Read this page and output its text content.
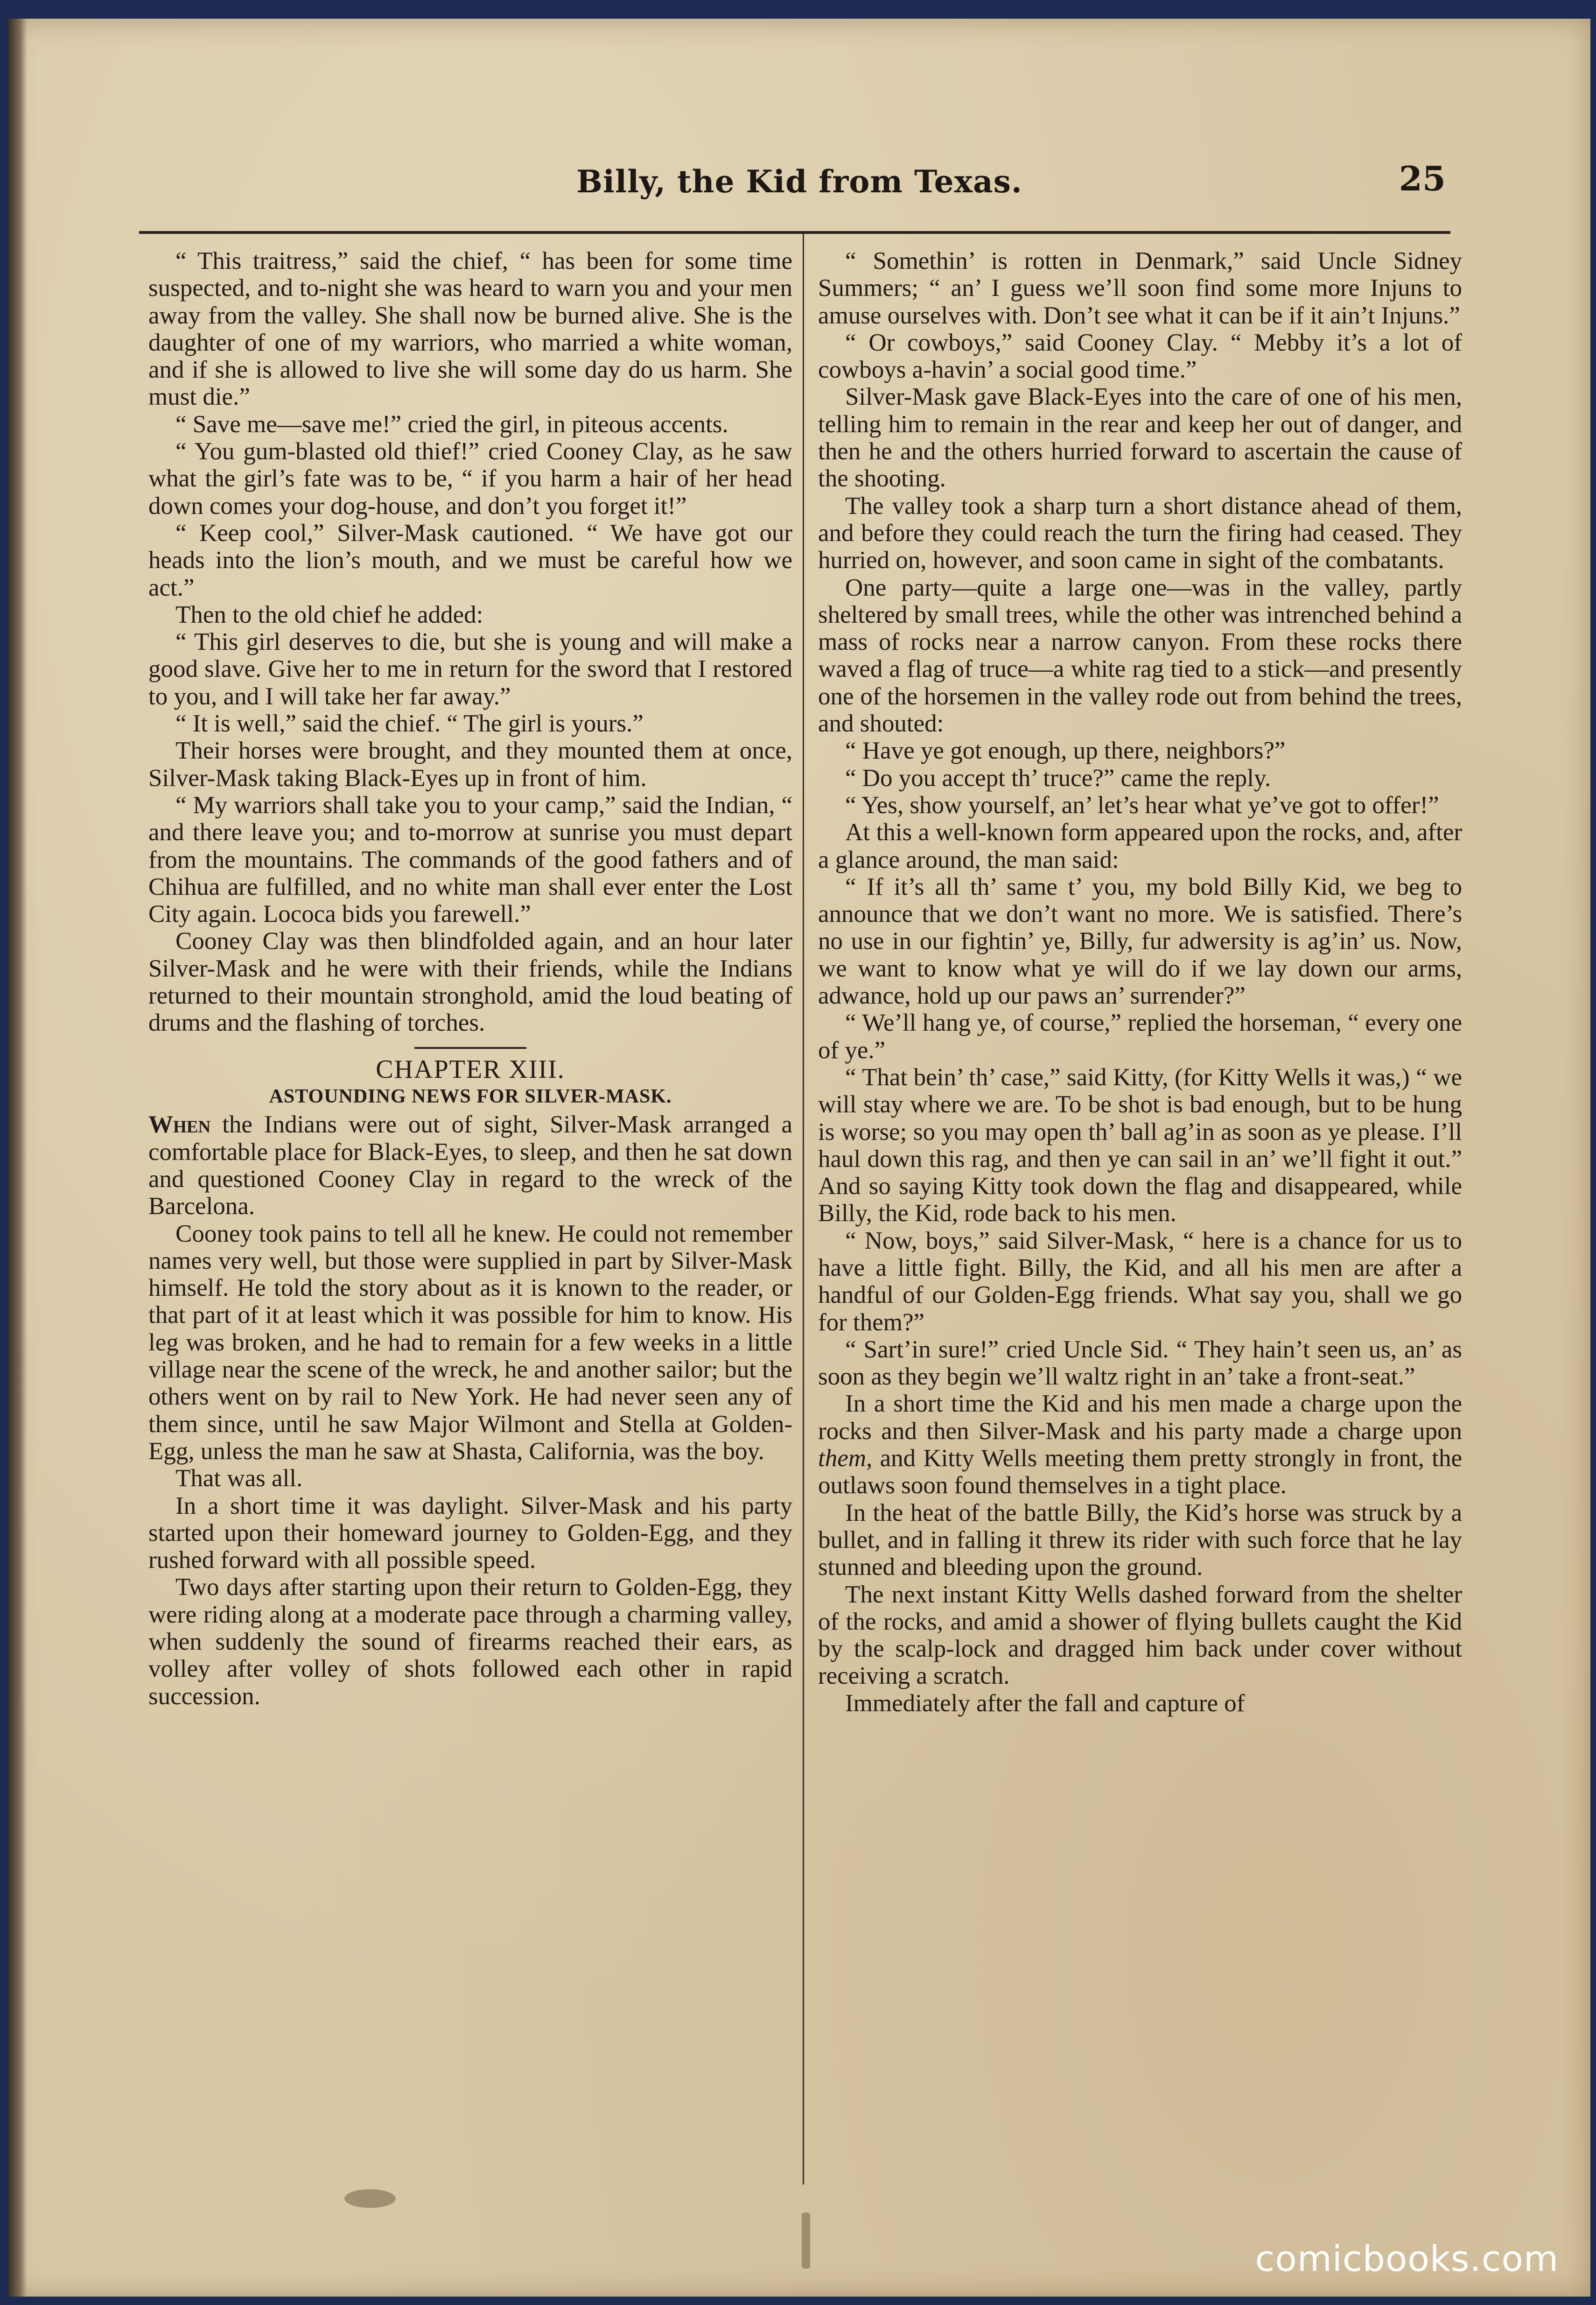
Billy, the Kid from Texas.	25

“ This traitress,” said the chief, “ has been for some time suspected, and to-night she was heard to warn you and your men away from the valley. She shall now be burned alive. She is the daughter of one of my warriors, who married a white woman, and if she is allowed to live she will some day do us harm. She must die.”

“ Save me—save me!” cried the girl, in piteous accents.

“ You gum-blasted old thief!” cried Cooney Clay, as he saw what the girl’s fate was to be, “ if you harm a hair of her head down comes your dog-house, and don’t you forget it!”

“ Keep cool,” Silver-Mask cautioned. “ We have got our heads into the lion’s mouth, and we must be careful how we act.”

Then to the old chief he added:

“ This girl deserves to die, but she is young and will make a good slave. Give her to me in return for the sword that I restored to you, and I will take her far away.”

“ It is well,” said the chief. “ The girl is yours.”

Their horses were brought, and they mounted them at once, Silver-Mask taking Black-Eyes up in front of him.

“ My warriors shall take you to your camp,” said the Indian, “ and there leave you; and to-morrow at sunrise you must depart from the mountains. The commands of the good fathers and of Chihua are fulfilled, and no white man shall ever enter the Lost City again. Lococa bids you farewell.”

Cooney Clay was then blindfolded again, and an hour later Silver-Mask and he were with their friends, while the Indians returned to their mountain stronghold, amid the loud beating of drums and the flashing of torches.

CHAPTER XIII.
ASTOUNDING NEWS FOR SILVER-MASK.

When the Indians were out of sight, Silver-Mask arranged a comfortable place for Black-Eyes, to sleep, and then he sat down and questioned Cooney Clay in regard to the wreck of the Barcelona.

Cooney took pains to tell all he knew. He could not remember names very well, but those were supplied in part by Silver-Mask himself. He told the story about as it is known to the reader, or that part of it at least which it was possible for him to know. His leg was broken, and he had to remain for a few weeks in a little village near the scene of the wreck, he and another sailor; but the others went on by rail to New York. He had never seen any of them since, until he saw Major Wilmont and Stella at Golden-Egg, unless the man he saw at Shasta, California, was the boy.

That was all.

In a short time it was daylight. Silver-Mask and his party started upon their homeward journey to Golden-Egg, and they rushed forward with all possible speed.

Two days after starting upon their return to Golden-Egg, they were riding along at a moderate pace through a charming valley, when suddenly the sound of firearms reached their ears, as volley after volley of shots followed each other in rapid succession.

“ Somethin’ is rotten in Denmark,” said Uncle Sidney Summers; “ an’ I guess we’ll soon find some more Injuns to amuse ourselves with. Don’t see what it can be if it ain’t Injuns.”

“ Or cowboys,” said Cooney Clay. “ Mebby it’s a lot of cowboys a-havin’ a social good time.”

Silver-Mask gave Black-Eyes into the care of one of his men, telling him to remain in the rear and keep her out of danger, and then he and the others hurried forward to ascertain the cause of the shooting.

The valley took a sharp turn a short distance ahead of them, and before they could reach the turn the firing had ceased. They hurried on, however, and soon came in sight of the combatants.

One party—quite a large one—was in the valley, partly sheltered by small trees, while the other was intrenched behind a mass of rocks near a narrow canyon. From these rocks there waved a flag of truce—a white rag tied to a stick—and presently one of the horsemen in the valley rode out from behind the trees, and shouted:

“ Have ye got enough, up there, neighbors?”

“ Do you accept th’ truce?” came the reply.

“ Yes, show yourself, an’ let’s hear what ye’ve got to offer!”

At this a well-known form appeared upon the rocks, and, after a glance around, the man said:

“ If it’s all th’ same t’ you, my bold Billy Kid, we beg to announce that we don’t want no more. We is satisfied. There’s no use in our fightin’ ye, Billy, fur adwersity is ag’in’ us. Now, we want to know what ye will do if we lay down our arms, adwance, hold up our paws an’ surrender?”

“ We’ll hang ye, of course,” replied the horseman, “ every one of ye.”

“ That bein’ th’ case,” said Kitty, (for Kitty Wells it was,) “ we will stay where we are. To be shot is bad enough, but to be hung is worse; so you may open th’ ball ag’in as soon as ye please. I’ll haul down this rag, and then ye can sail in an’ we’ll fight it out.” And so saying Kitty took down the flag and disappeared, while Billy, the Kid, rode back to his men.

“ Now, boys,” said Silver-Mask, “ here is a chance for us to have a little fight. Billy, the Kid, and all his men are after a handful of our Golden-Egg friends. What say you, shall we go for them?”

“ Sart’in sure!” cried Uncle Sid. “ They hain’t seen us, an’ as soon as they begin we’ll waltz right in an’ take a front-seat.”

In a short time the Kid and his men made a charge upon the rocks and then Silver-Mask and his party made a charge upon them, and Kitty Wells meeting them pretty strongly in front, the outlaws soon found themselves in a tight place.

In the heat of the battle Billy, the Kid’s horse was struck by a bullet, and in falling it threw its rider with such force that he lay stunned and bleeding upon the ground.

The next instant Kitty Wells dashed forward from the shelter of the rocks, and amid a shower of flying bullets caught the Kid by the scalp-lock and dragged him back under cover without receiving a scratch.

Immediately after the fall and capture of

comicbooks.com
